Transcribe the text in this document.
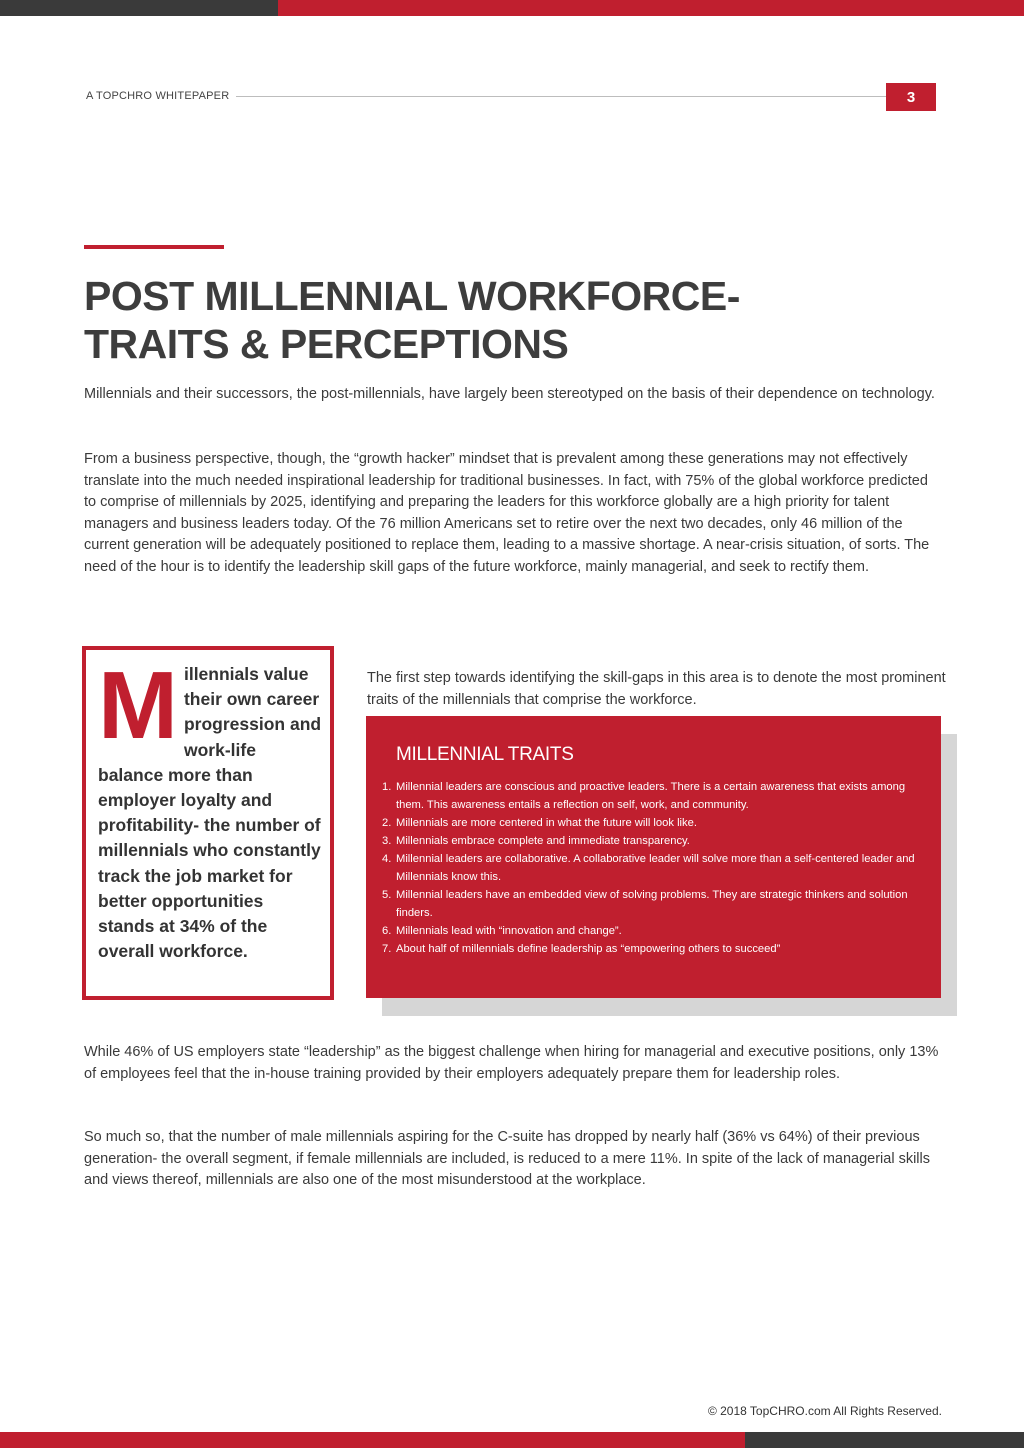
A TOPCHRO WHITEPAPER	3
POST MILLENNIAL WORKFORCE-
TRAITS & PERCEPTIONS

Millennials and their successors, the post-millennials, have largely been stereotyped on the basis of their dependence on technology.

From a business perspective, though, the “growth hacker” mindset that is prevalent among these generations may not effectively translate into the much needed inspirational leadership for traditional businesses. In fact, with 75% of the global workforce predicted to comprise of millennials by 2025, identifying and preparing the leaders for this workforce globally are a high priority for talent managers and business leaders today. Of the 76 million Americans set to retire over the next two decades, only 46 million of the current generation will be adequately positioned to replace them, leading to a massive shortage. A near-crisis situation, of sorts. The need of the hour is to identify the leadership skill gaps of the future workforce, mainly managerial, and seek to rectify them.

M illennials value their own career progression and work-life balance more than employer loyalty and profitability- the number of millennials who constantly track the job market for better opportunities stands at 34% of the overall workforce.

The first step towards identifying the skill-gaps in this area is to denote the most prominent traits of the millennials that comprise the workforce.

MILLENNIAL TRAITS
1. Millennial leaders are conscious and proactive leaders. There is a certain awareness that exists among them. This awareness entails a reflection on self, work, and community.
2. Millennials are more centered in what the future will look like.
3. Millennials embrace complete and immediate transparency.
4. Millennial leaders are collaborative. A collaborative leader will solve more than a self-centered leader and Millennials know this.
5. Millennial leaders have an embedded view of solving problems. They are strategic thinkers and solution finders.
6. Millennials lead with “innovation and change”.
7. About half of millennials define leadership as “empowering others to succeed”

While 46% of US employers state “leadership” as the biggest challenge when hiring for managerial and executive positions, only 13% of employees feel that the in-house training provided by their employers adequately prepare them for leadership roles.

So much so, that the number of male millennials aspiring for the C-suite has dropped by nearly half (36% vs 64%) of their previous generation- the overall segment, if female millennials are included, is reduced to a mere 11%. In spite of the lack of managerial skills and views thereof, millennials are also one of the most misunderstood at the workplace.

© 2018 TopCHRO.com All Rights Reserved.
